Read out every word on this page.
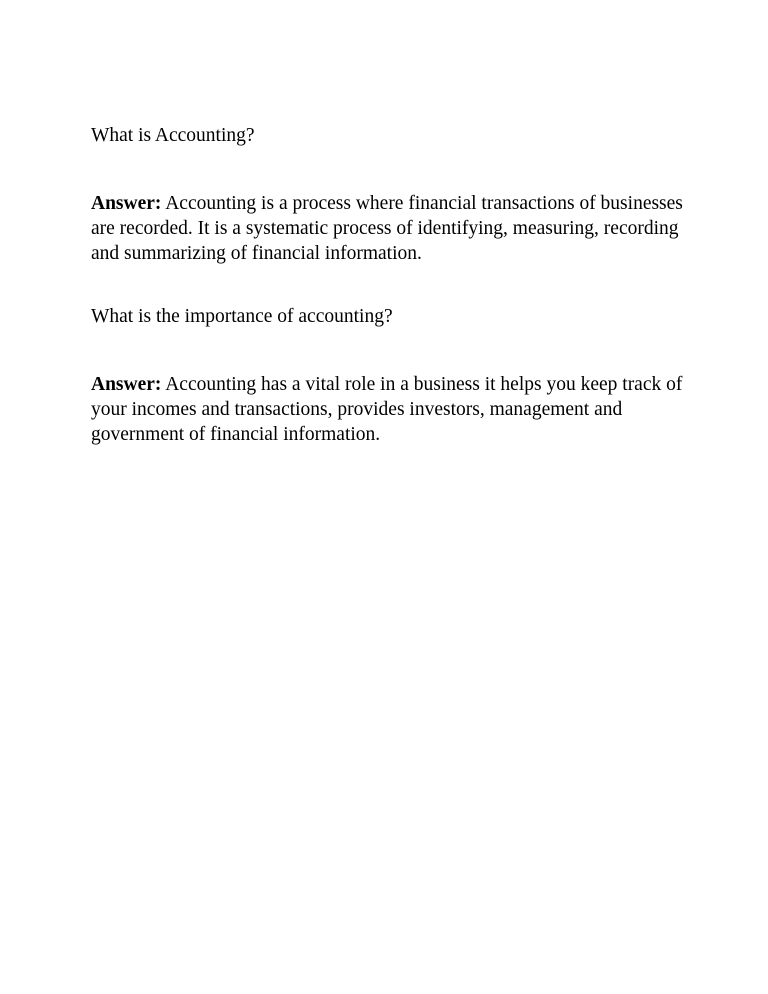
What is Accounting?

Answer: Accounting is a process where financial transactions of businesses are recorded. It is a systematic process of identifying, measuring, recording and summarizing of financial information.

What is the importance of accounting?

Answer: Accounting has a vital role in a business it helps you keep track of your incomes and transactions, provides investors, management and government of financial information.
